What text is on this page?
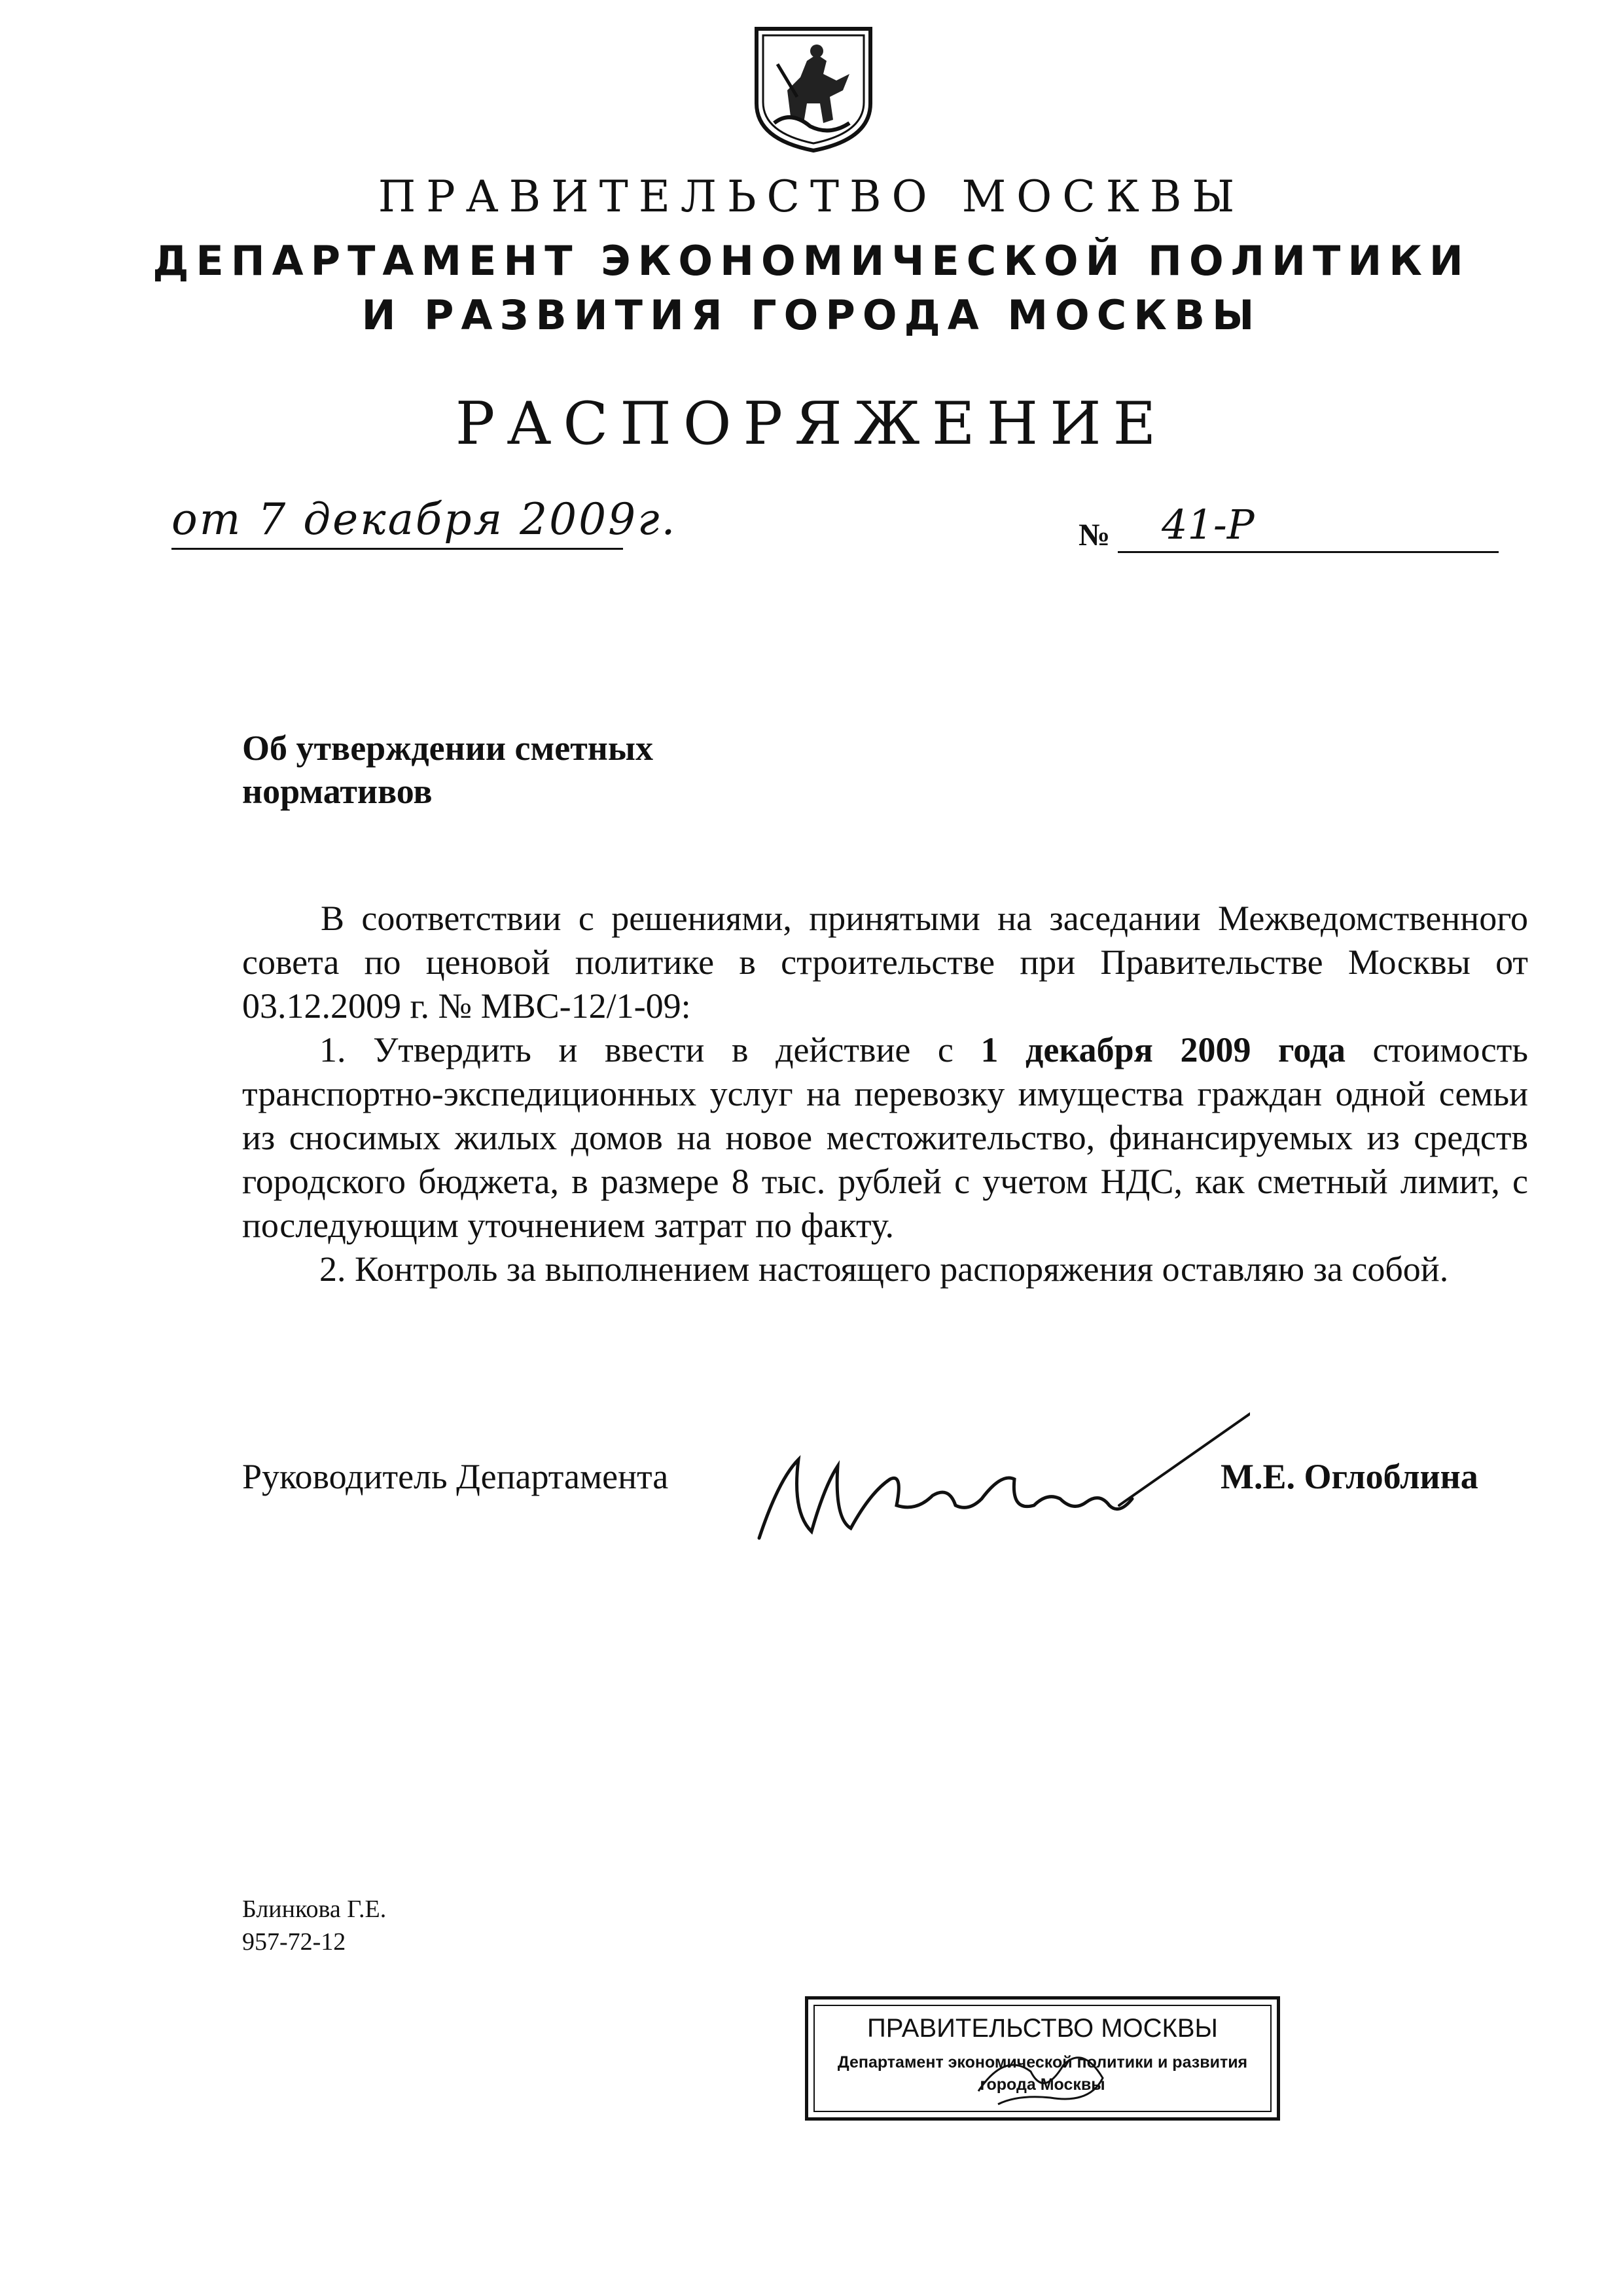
ПРАВИТЕЛЬСТВО МОСКВЫ
ДЕПАРТАМЕНТ ЭКОНОМИЧЕСКОЙ ПОЛИТИКИ
И РАЗВИТИЯ ГОРОДА МОСКВЫ
РАСПОРЯЖЕНИЕ
от 7 декабря 2009г.	№ 41-Р
Об утверждении сметных
нормативов

В соответствии с решениями, принятыми на заседании Межведомственного совета по ценовой политике в строительстве при Правительстве Москвы от 03.12.2009 г. № МВС-12/1-09:

1. Утвердить и ввести в действие с 1 декабря 2009 года стоимость транспортно-экспедиционных услуг на перевозку имущества граждан одной семьи из сносимых жилых домов на новое местожительство, финансируемых из средств городского бюджета, в размере 8 тыс. рублей с учетом НДС, как сметный лимит, с последующим уточнением затрат по факту.

2. Контроль за выполнением настоящего распоряжения оставляю за собой.

Руководитель Департамента	М.Е. Оглоблина
Блинкова Г.Е.
957-72-12
ПРАВИТЕЛЬСТВО МОСКВЫ
Департамент экономической политики и развития
города Москвы
